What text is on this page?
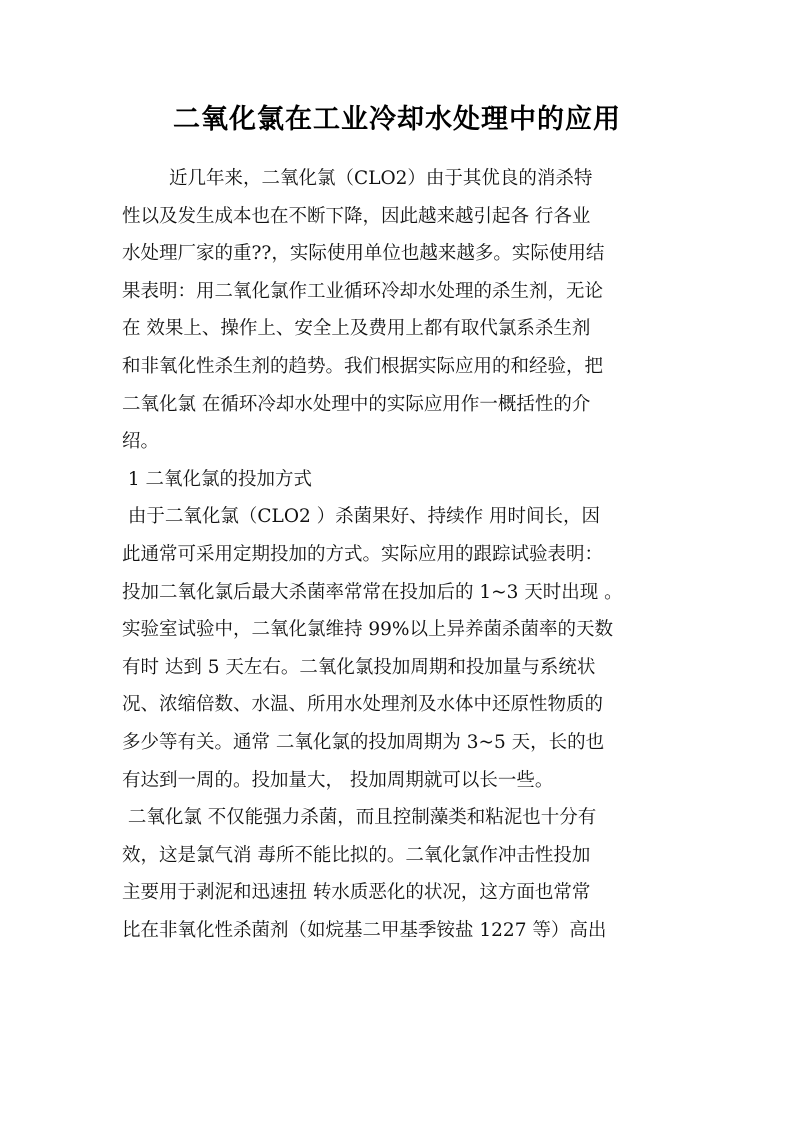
二氧化氯在工业冷却水处理中的应用
近几年来，二氧化氯（CLO2）由于其优良的消杀特
性以及发生成本也在不断下降，因此越来越引起各 行各业
水处理厂家的重??，实际使用单位也越来越多。实际使用结
果表明：用二氧化氯作工业循环冷却水处理的杀生剂，无论
在 效果上、操作上、安全上及费用上都有取代氯系杀生剂
和非氧化性杀生剂的趋势。我们根据实际应用的和经验，把
二氧化氯 在循环冷却水处理中的实际应用作一概括性的介
绍。
1 二氧化氯的投加方式
由于二氧化氯（CLO2 ）杀菌果好、持续作 用时间长，因
此通常可采用定期投加的方式。实际应用的跟踪试验表明：
投加二氧化氯后最大杀菌率常常在投加后的 1~3 天时出现 。
实验室试验中，二氧化氯维持 99%以上异养菌杀菌率的天数
有时 达到 5 天左右。二氧化氯投加周期和投加量与系统状
况、浓缩倍数、水温、所用水处理剂及水体中还原性物质的
多少等有关。通常 二氧化氯的投加周期为 3~5 天，长的也
有达到一周的。投加量大， 投加周期就可以长一些。
二氧化氯 不仅能强力杀菌，而且控制藻类和粘泥也十分有
效，这是氯气消 毒所不能比拟的。二氧化氯作冲击性投加
主要用于剥泥和迅速扭 转水质恶化的状况，这方面也常常
比在非氧化性杀菌剂（如烷基二甲基季铵盐 1227 等）高出
